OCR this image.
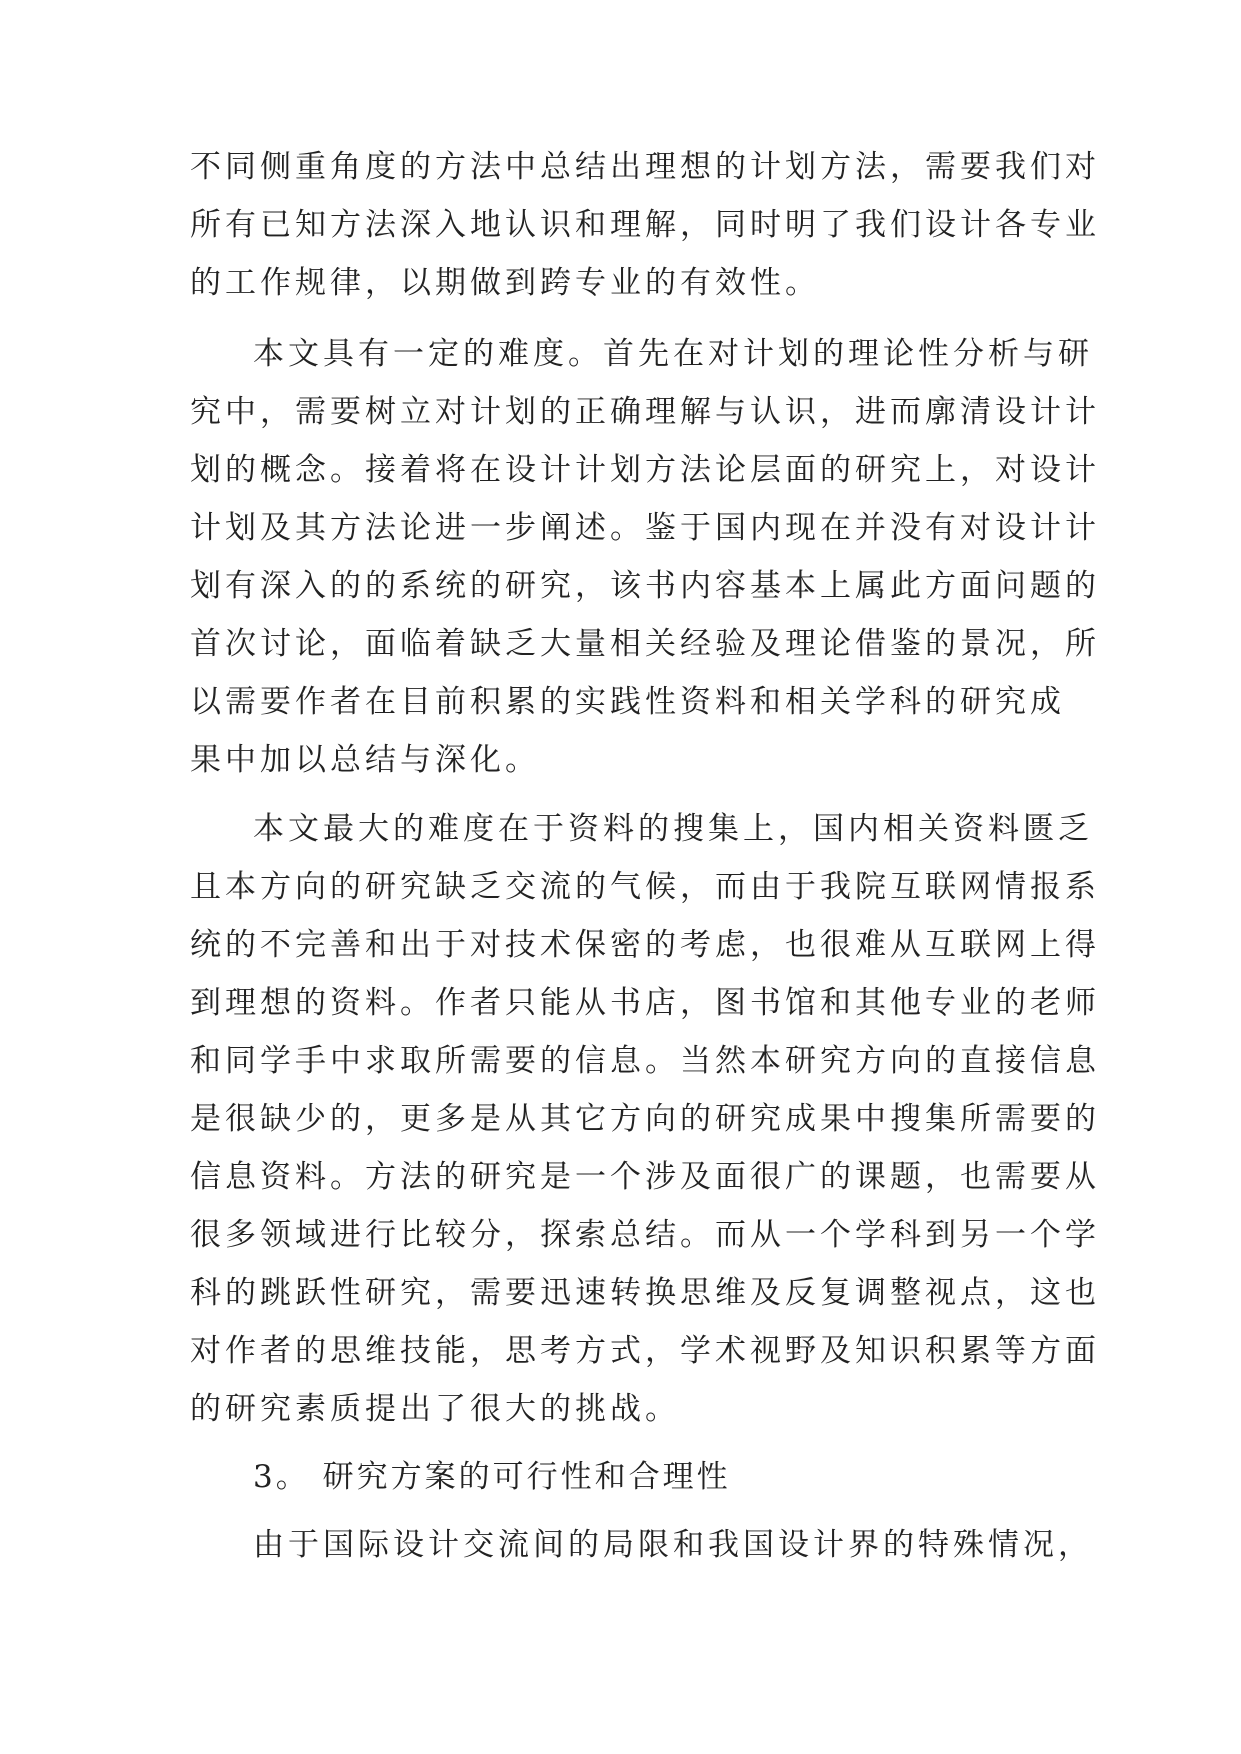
不同侧重角度的方法中总结出理想的计划方法，需要我们对
所有已知方法深入地认识和理解，同时明了我们设计各专业
的工作规律，以期做到跨专业的有效性。
本文具有一定的难度。首先在对计划的理论性分析与研
究中，需要树立对计划的正确理解与认识，进而廓清设计计
划的概念。接着将在设计计划方法论层面的研究上，对设计
计划及其方法论进一步阐述。鉴于国内现在并没有对设计计
划有深入的的系统的研究，该书内容基本上属此方面问题的
首次讨论，面临着缺乏大量相关经验及理论借鉴的景况，所
以需要作者在目前积累的实践性资料和相关学科的研究成
果中加以总结与深化。
本文最大的难度在于资料的搜集上，国内相关资料匮乏
且本方向的研究缺乏交流的气候，而由于我院互联网情报系
统的不完善和出于对技术保密的考虑，也很难从互联网上得
到理想的资料。作者只能从书店，图书馆和其他专业的老师
和同学手中求取所需要的信息。当然本研究方向的直接信息
是很缺少的，更多是从其它方向的研究成果中搜集所需要的
信息资料。方法的研究是一个涉及面很广的课题，也需要从
很多领域进行比较分，探索总结。而从一个学科到另一个学
科的跳跃性研究，需要迅速转换思维及反复调整视点，这也
对作者的思维技能，思考方式，学术视野及知识积累等方面
的研究素质提出了很大的挑战。
3。 研究方案的可行性和合理性
由于国际设计交流间的局限和我国设计界的特殊情况，
